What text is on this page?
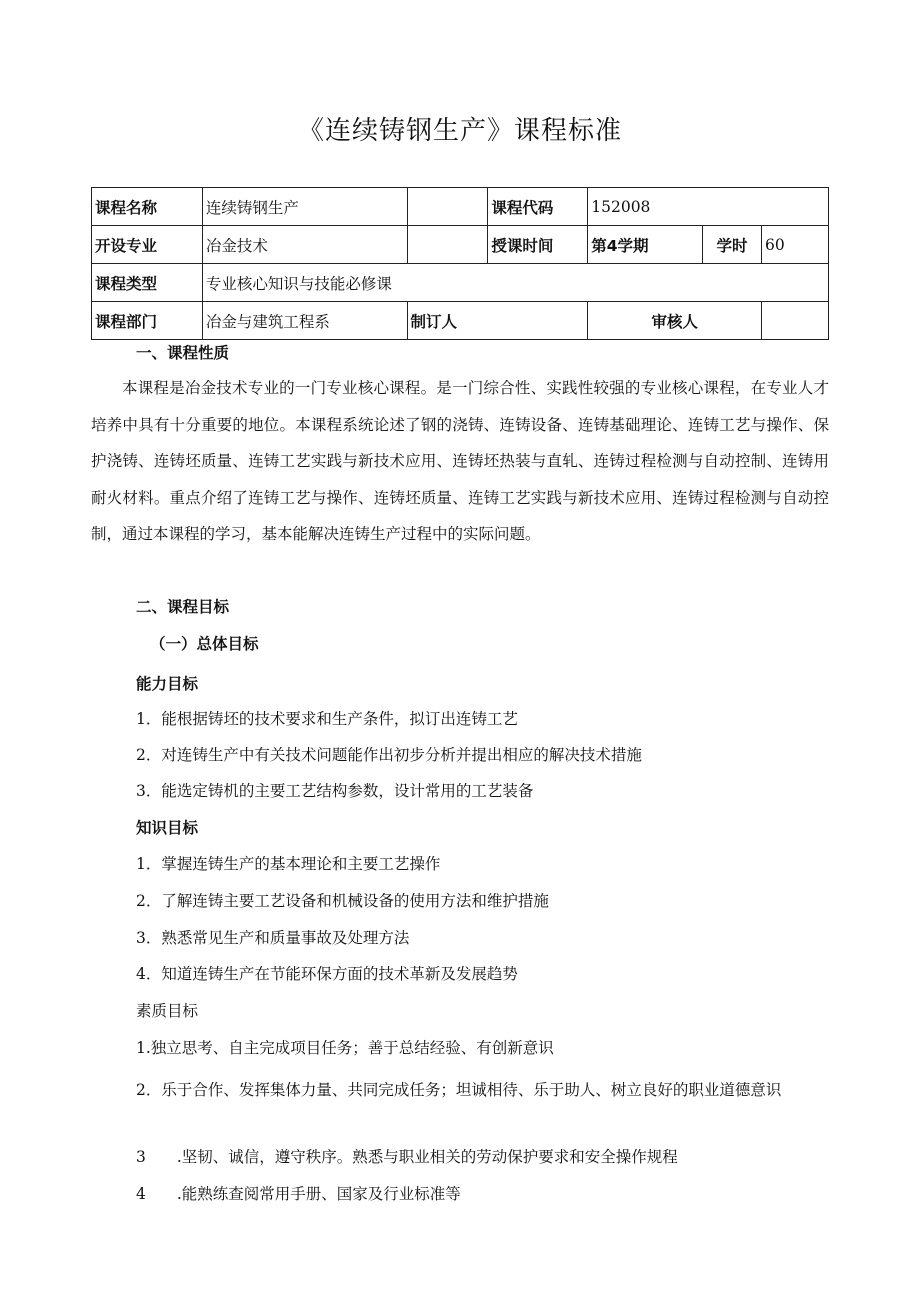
《连续铸钢生产》课程标准
课程名称	连续铸钢生产		课程代码	152008		
开设专业	冶金技术		授课时间	第4学期	学时	60
课程类型	专业核心知识与技能必修课					
课程部门	冶金与建筑工程系	制订人		审核人		
一、课程性质

本课程是冶金技术专业的一门专业核心课程。是一门综合性、实践性较强的专业核心课程，在专业人才培养中具有十分重要的地位。本课程系统论述了钢的浇铸、连铸设备、连铸基础理论、连铸工艺与操作、保护浇铸、连铸坯质量、连铸工艺实践与新技术应用、连铸坯热装与直轧、连铸过程检测与自动控制、连铸用耐火材料。重点介绍了连铸工艺与操作、连铸坯质量、连铸工艺实践与新技术应用、连铸过程检测与自动控制，通过本课程的学习，基本能解决连铸生产过程中的实际问题。

二、课程目标
（一）总体目标
能力目标
1．能根据铸坯的技术要求和生产条件，拟订出连铸工艺
2．对连铸生产中有关技术问题能作出初步分析并提出相应的解决技术措施
3．能选定铸机的主要工艺结构参数，设计常用的工艺装备
知识目标
1．掌握连铸生产的基本理论和主要工艺操作
2．了解连铸主要工艺设备和机械设备的使用方法和维护措施
3．熟悉常见生产和质量事故及处理方法
4．知道连铸生产在节能环保方面的技术革新及发展趋势
素质目标
1.独立思考、自主完成项目任务；善于总结经验、有创新意识
2．乐于合作、发挥集体力量、共同完成任务；坦诚相待、乐于助人、树立良好的职业道德意识
3　　.坚韧、诚信，遵守秩序。熟悉与职业相关的劳动保护要求和安全操作规程
4　　.能熟练查阅常用手册、国家及行业标准等
